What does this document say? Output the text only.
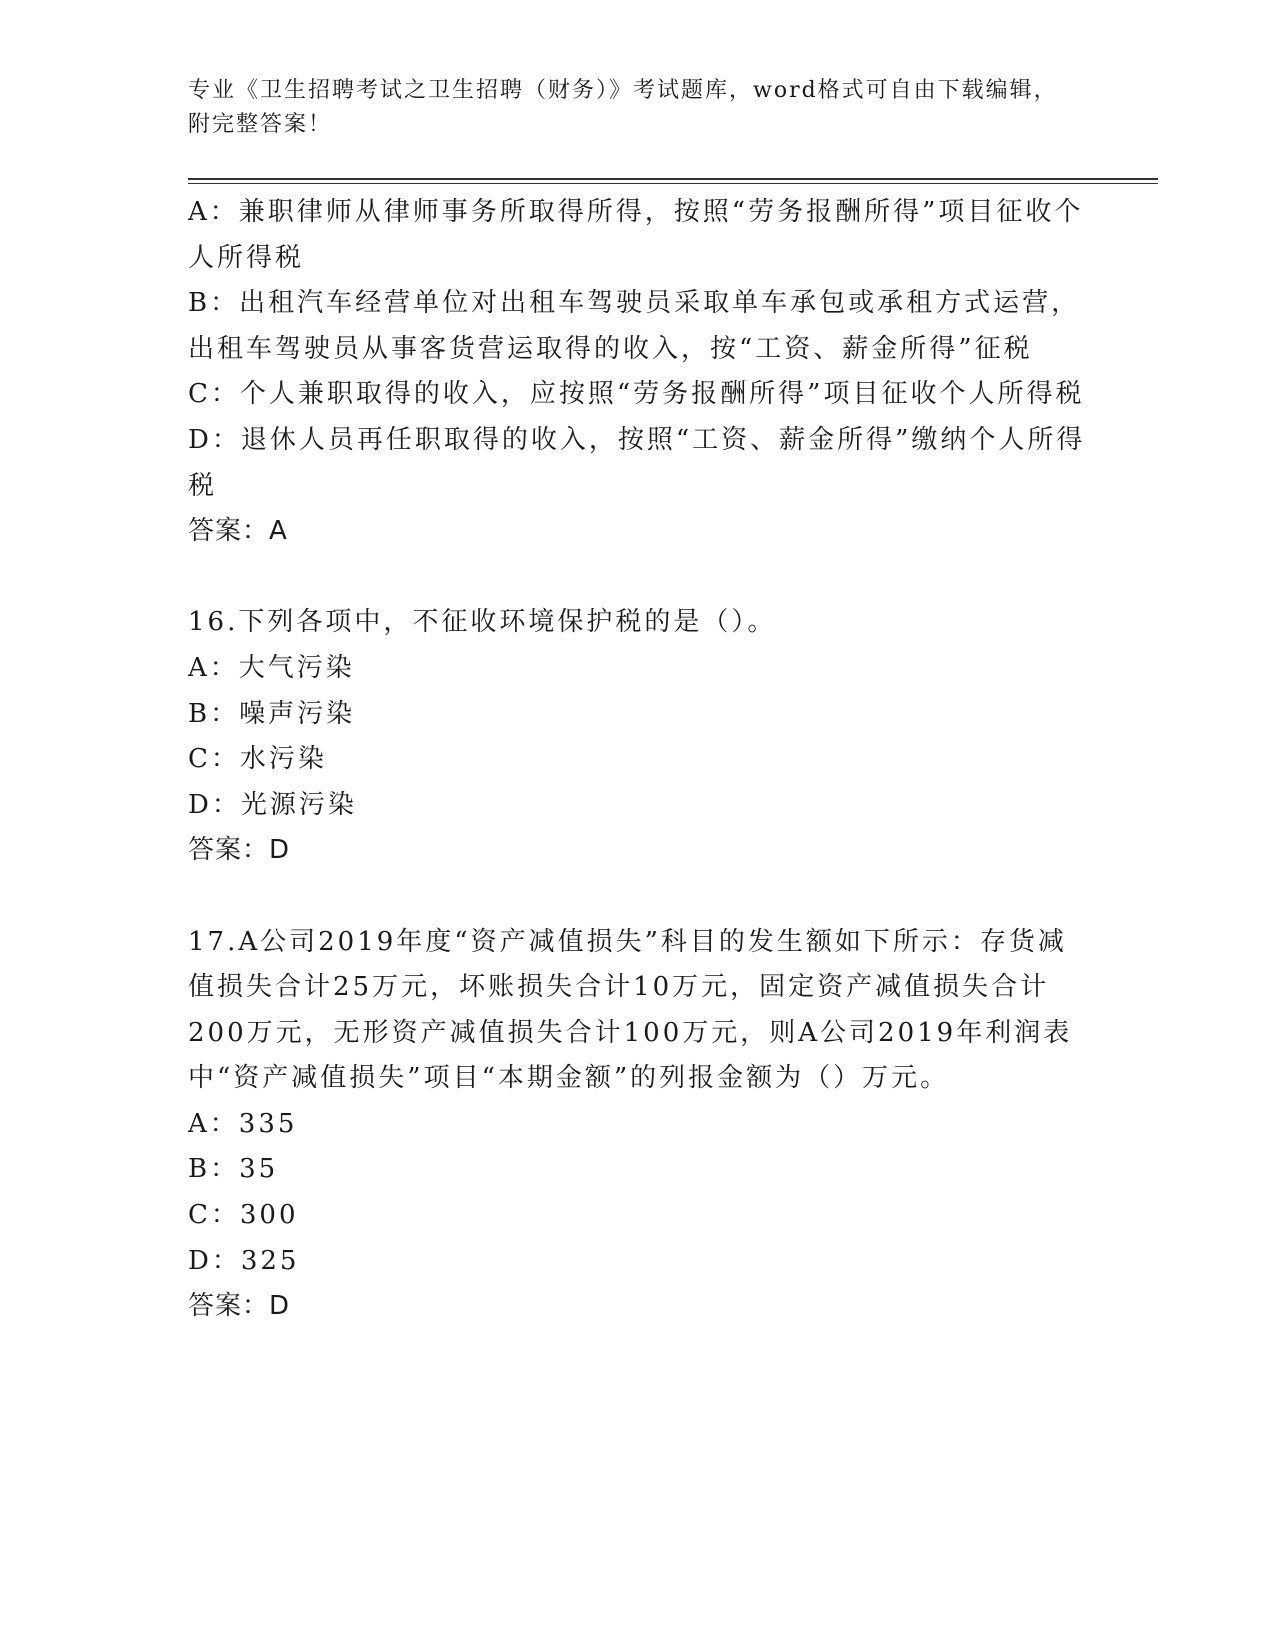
专业《卫生招聘考试之卫生招聘（财务）》考试题库，word格式可自由下载编辑，附完整答案！
A：兼职律师从律师事务所取得所得，按照“劳务报酬所得”项目征收个人所得税
B：出租汽车经营单位对出租车驾驶员采取单车承包或承租方式运营，出租车驾驶员从事客货营运取得的收入，按“工资、薪金所得”征税
C：个人兼职取得的收入，应按照“劳务报酬所得”项目征收个人所得税
D：退休人员再任职取得的收入，按照“工资、薪金所得”缴纳个人所得税
答案：A
16.下列各项中，不征收环境保护税的是（）。
A：大气污染
B：噪声污染
C：水污染
D：光源污染
答案：D
17.A公司2019年度“资产减值损失”科目的发生额如下所示：存货减值损失合计25万元，坏账损失合计10万元，固定资产减值损失合计200万元，无形资产减值损失合计100万元，则A公司2019年利润表中“资产减值损失”项目“本期金额”的列报金额为（）万元。
A：335
B：35
C：300
D：325
答案：D
